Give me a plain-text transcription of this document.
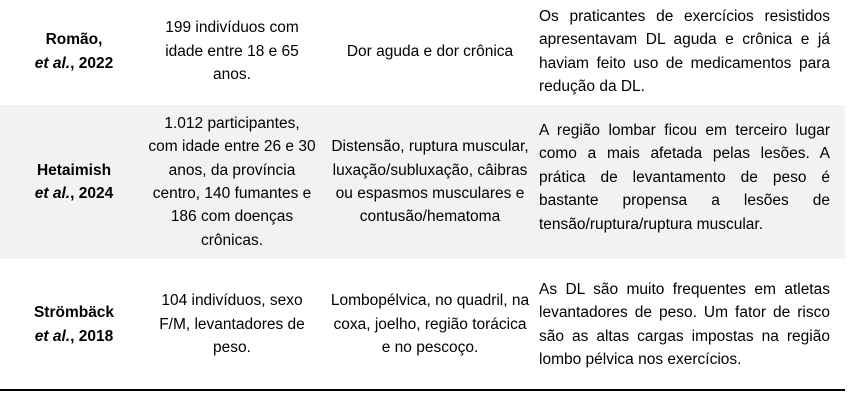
Romão,
et al., 2022
199 indivíduos com idade entre 18 e 65 anos.
Dor aguda e dor crônica
Os praticantes de exercícios resistidos apresentavam DL aguda e crônica e já haviam feito uso de medicamentos para redução da DL.
Hetaimish
et al., 2024
1.012 participantes, com idade entre 26 e 30 anos, da província centro, 140 fumantes e 186 com doenças crônicas.
Distensão, ruptura muscular, luxação/subluxação, câibras ou espasmos musculares e contusão/hematoma
A região lombar ficou em terceiro lugar como a mais afetada pelas lesões. A prática de levantamento de peso é bastante propensa a lesões de tensão/ruptura/ruptura muscular.
Strömbäck
et al., 2018
104 indivíduos, sexo F/M, levantadores de peso.
Lombopélvica, no quadril, na coxa, joelho, região torácica e no pescoço.
As DL são muito frequentes em atletas levantadores de peso. Um fator de risco são as altas cargas impostas na região lombo pélvica nos exercícios.
